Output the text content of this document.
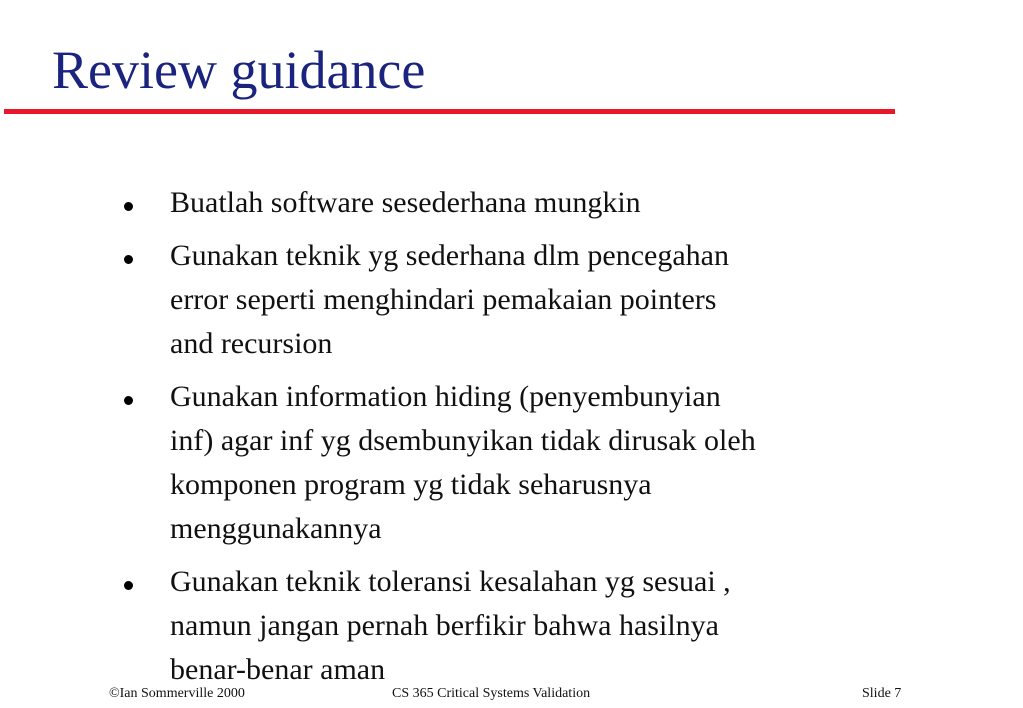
Review guidance
Buatlah software sesederhana mungkin
Gunakan teknik yg sederhana dlm pencegahan
error seperti menghindari pemakaian pointers
and recursion
Gunakan information hiding (penyembunyian
inf) agar inf yg dsembunyikan tidak dirusak oleh
komponen program yg tidak seharusnya
menggunakannya
Gunakan teknik toleransi kesalahan yg sesuai ,
namun jangan pernah berfikir bahwa hasilnya
benar-benar aman
©Ian Sommerville 2000	CS 365 Critical Systems Validation	Slide 7
